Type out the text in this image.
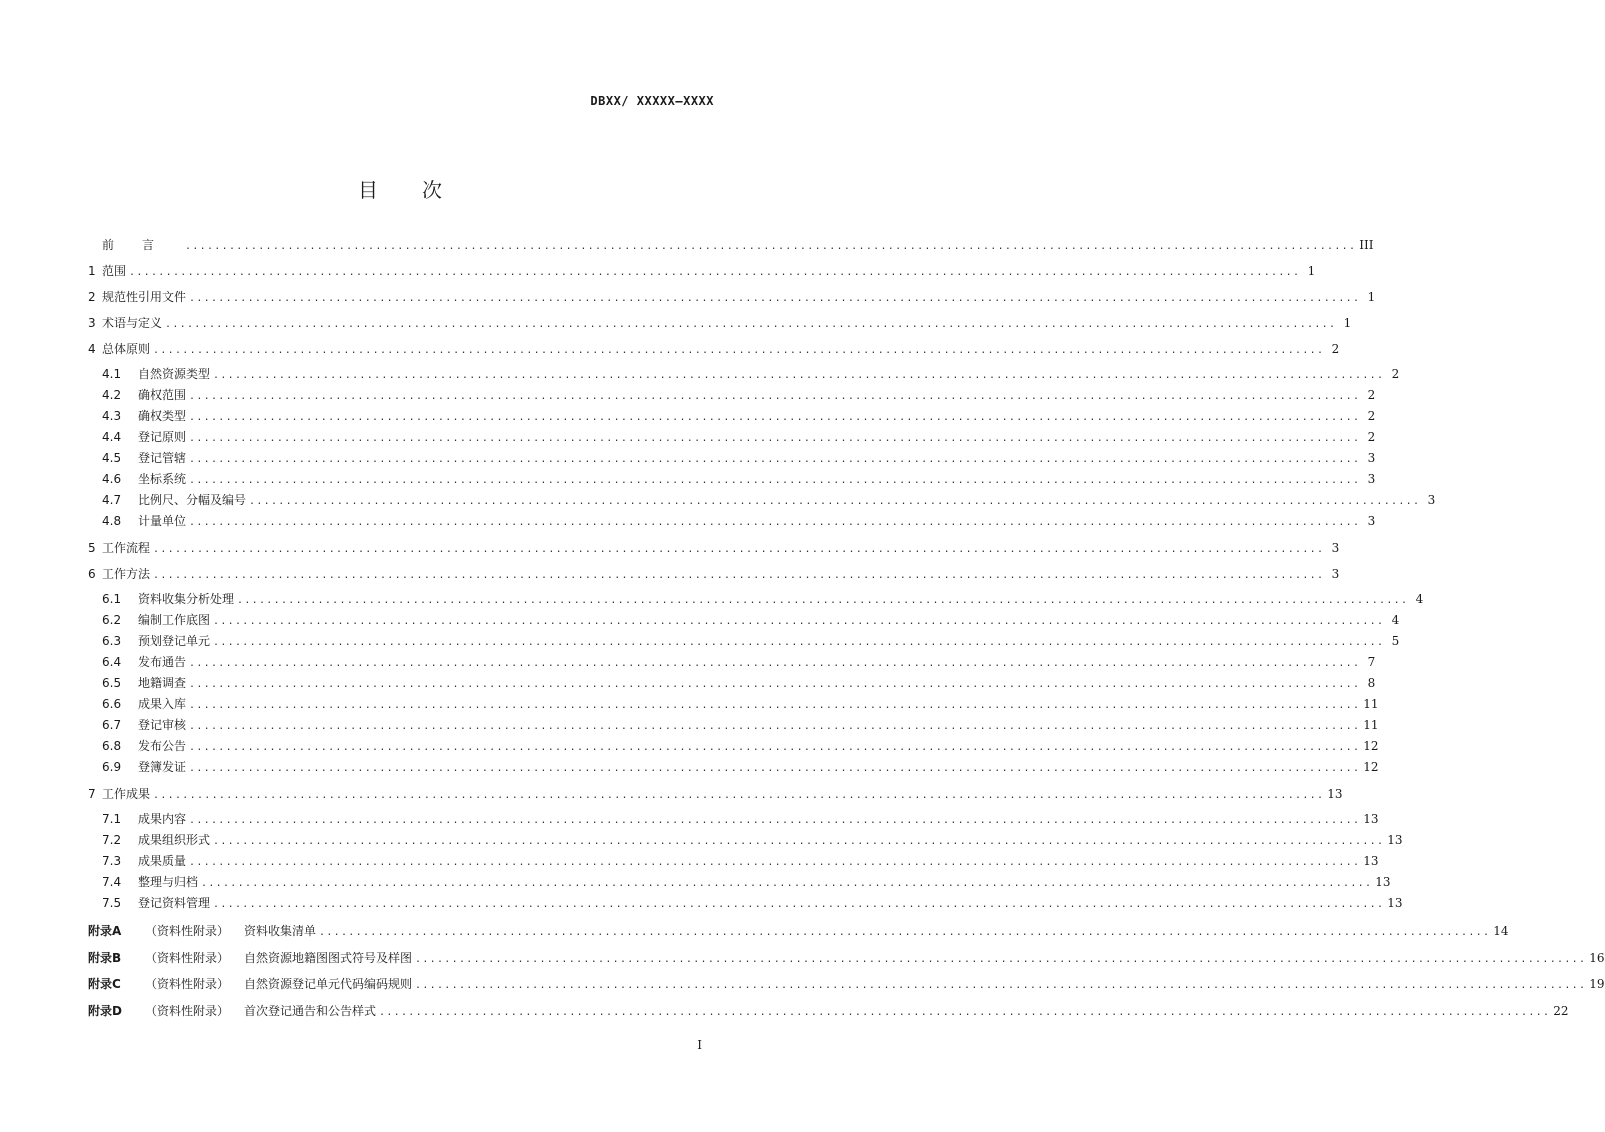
DBXX/ XXXXX—XXXX
目次
前言 ................................................................................................................................................................ III
1 范围 ................................................................................................................................................................ 1
2 规范性引用文件 ................................................................................................................................................................ 1
3 术语与定义 ................................................................................................................................................................ 1
4 总体原则 ................................................................................................................................................................ 2
4.1	自然资源类型 ................................................................................................................................................................ 2
4.2	确权范围 ................................................................................................................................................................ 2
4.3	确权类型 ................................................................................................................................................................ 2
4.4	登记原则 ................................................................................................................................................................ 2
4.5	登记管辖 ................................................................................................................................................................ 3
4.6	坐标系统 ................................................................................................................................................................ 3
4.7	比例尺、分幅及编号 ................................................................................................................................................................ 3
4.8	计量单位 ................................................................................................................................................................ 3
5 工作流程 ................................................................................................................................................................ 3
6 工作方法 ................................................................................................................................................................ 3
6.1	资料收集分析处理 ................................................................................................................................................................ 4
6.2	编制工作底图 ................................................................................................................................................................ 4
6.3	预划登记单元 ................................................................................................................................................................ 5
6.4	发布通告 ................................................................................................................................................................ 7
6.5	地籍调查 ................................................................................................................................................................ 8
6.6	成果入库 ................................................................................................................................................................ 11
6.7	登记审核 ................................................................................................................................................................ 11
6.8	发布公告 ................................................................................................................................................................ 12
6.9	登簿发证 ................................................................................................................................................................ 12
7 工作成果 ................................................................................................................................................................ 13
7.1	成果内容 ................................................................................................................................................................ 13
7.2	成果组织形式 ................................................................................................................................................................ 13
7.3	成果质量 ................................................................................................................................................................ 13
7.4	整理与归档 ................................................................................................................................................................ 13
7.5	登记资料管理 ................................................................................................................................................................ 13
附录A	（资料性附录）	资料收集清单 ................................................................................................................................................................ 14
附录B	（资料性附录）	自然资源地籍图图式符号及样图 ................................................................................................................................................................ 16
附录C	（资料性附录）	自然资源登记单元代码编码规则 ................................................................................................................................................................ 19
附录D	（资料性附录）	首次登记通告和公告样式 ................................................................................................................................................................ 22
I
